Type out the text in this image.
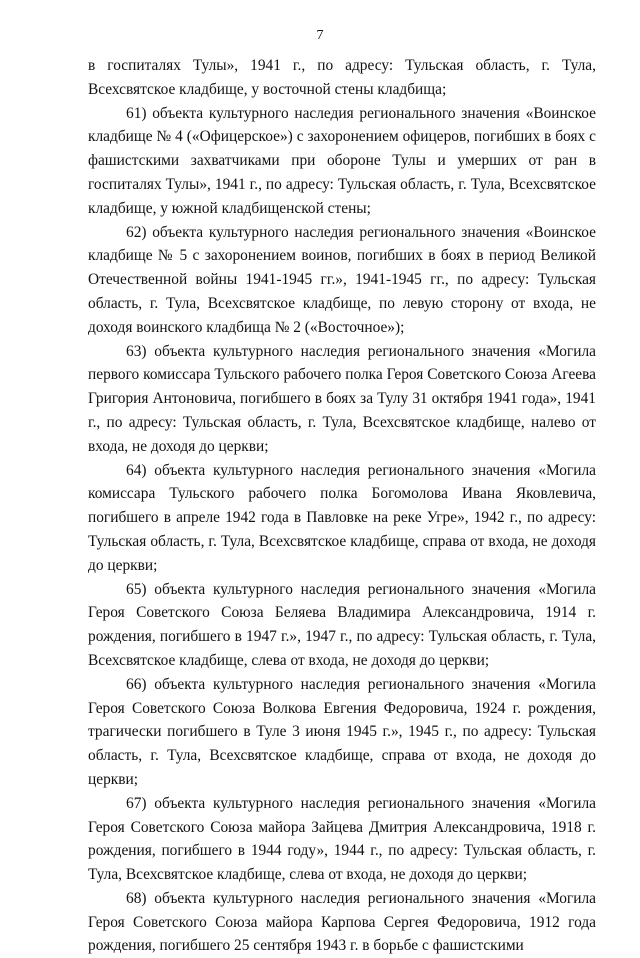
7

в госпиталях Тулы», 1941 г., по адресу: Тульская область, г. Тула, Всехсвятское кладбище, у восточной стены кладбища;

61) объекта культурного наследия регионального значения «Воинское кладбище № 4 («Офицерское») с захоронением офицеров, погибших в боях с фашистскими захватчиками при обороне Тулы и умерших от ран в госпиталях Тулы», 1941 г., по адресу: Тульская область, г. Тула, Всехсвятское кладбище, у южной кладбищенской стены;

62) объекта культурного наследия регионального значения «Воинское кладбище № 5 с захоронением воинов, погибших в боях в период Великой Отечественной войны 1941-1945 гг.», 1941-1945 гг., по адресу: Тульская область, г. Тула, Всехсвятское кладбище, по левую сторону от входа, не доходя воинского кладбища № 2 («Восточное»);

63) объекта культурного наследия регионального значения «Могила первого комиссара Тульского рабочего полка Героя Советского Союза Агеева Григория Антоновича, погибшего в боях за Тулу 31 октября 1941 года», 1941 г., по адресу: Тульская область, г. Тула, Всехсвятское кладбище, налево от входа, не доходя до церкви;

64) объекта культурного наследия регионального значения «Могила комиссара Тульского рабочего полка Богомолова Ивана Яковлевича, погибшего в апреле 1942 года в Павловке на реке Угре», 1942 г., по адресу: Тульская область, г. Тула, Всехсвятское кладбище, справа от входа, не доходя до церкви;

65) объекта культурного наследия регионального значения «Могила Героя Советского Союза Беляева Владимира Александровича, 1914 г. рождения, погибшего в 1947 г.», 1947 г., по адресу: Тульская область, г. Тула, Всехсвятское кладбище, слева от входа, не доходя до церкви;

66) объекта культурного наследия регионального значения «Могила Героя Советского Союза Волкова Евгения Федоровича, 1924 г. рождения, трагически погибшего в Туле 3 июня 1945 г.», 1945 г., по адресу: Тульская область, г. Тула, Всехсвятское кладбище, справа от входа, не доходя до церкви;

67) объекта культурного наследия регионального значения «Могила Героя Советского Союза майора Зайцева Дмитрия Александровича, 1918 г. рождения, погибшего в 1944 году», 1944 г., по адресу: Тульская область, г. Тула, Всехсвятское кладбище, слева от входа, не доходя до церкви;

68) объекта культурного наследия регионального значения «Могила Героя Советского Союза майора Карпова Сергея Федоровича, 1912 года рождения, погибшего 25 сентября 1943 г. в борьбе с фашистскими
